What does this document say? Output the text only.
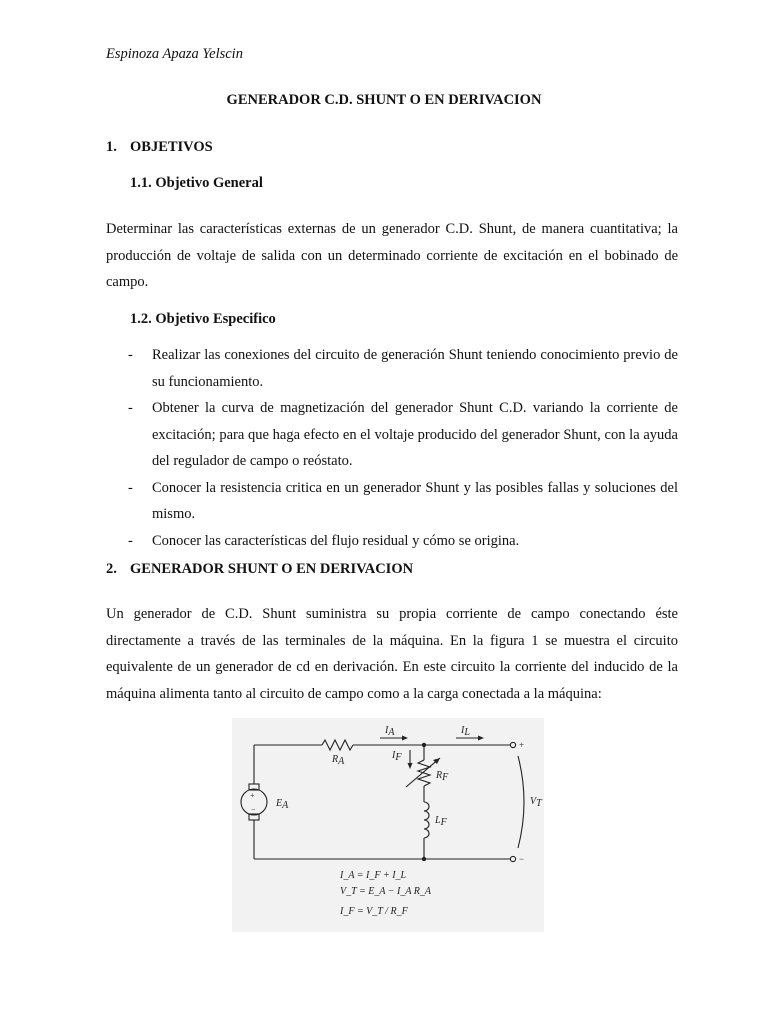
Espinoza Apaza Yelscin
GENERADOR C.D. SHUNT O EN DERIVACION
1. OBJETIVOS
1.1. Objetivo General
Determinar las características externas de un generador C.D. Shunt, de manera cuantitativa; la producción de voltaje de salida con un determinado corriente de excitación en el bobinado de campo.
1.2. Objetivo Especifico
- Realizar las conexiones del circuito de generación Shunt teniendo conocimiento previo de su funcionamiento.
- Obtener la curva de magnetización del generador Shunt C.D. variando la corriente de excitación; para que haga efecto en el voltaje producido del generador Shunt, con la ayuda del regulador de campo o reóstato.
- Conocer la resistencia critica en un generador Shunt y las posibles fallas y soluciones del mismo.
- Conocer las características del flujo residual y cómo se origina.
2. GENERADOR SHUNT O EN DERIVACION
Un generador de C.D. Shunt suministra su propia corriente de campo conectando éste directamente a través de las terminales de la máquina. En la figura 1 se muestra el circuito equivalente de un generador de cd en derivación. En este circuito la corriente del inducido de la máquina alimenta tanto al circuito de campo como a la carga conectada a la máquina:
IA	IL
IF
RA
RF
LF
EA	VT
+
−
+
−
I_A = I_F + I_L
V_T = E_A − I_A R_A
I_F = V_T / R_F
